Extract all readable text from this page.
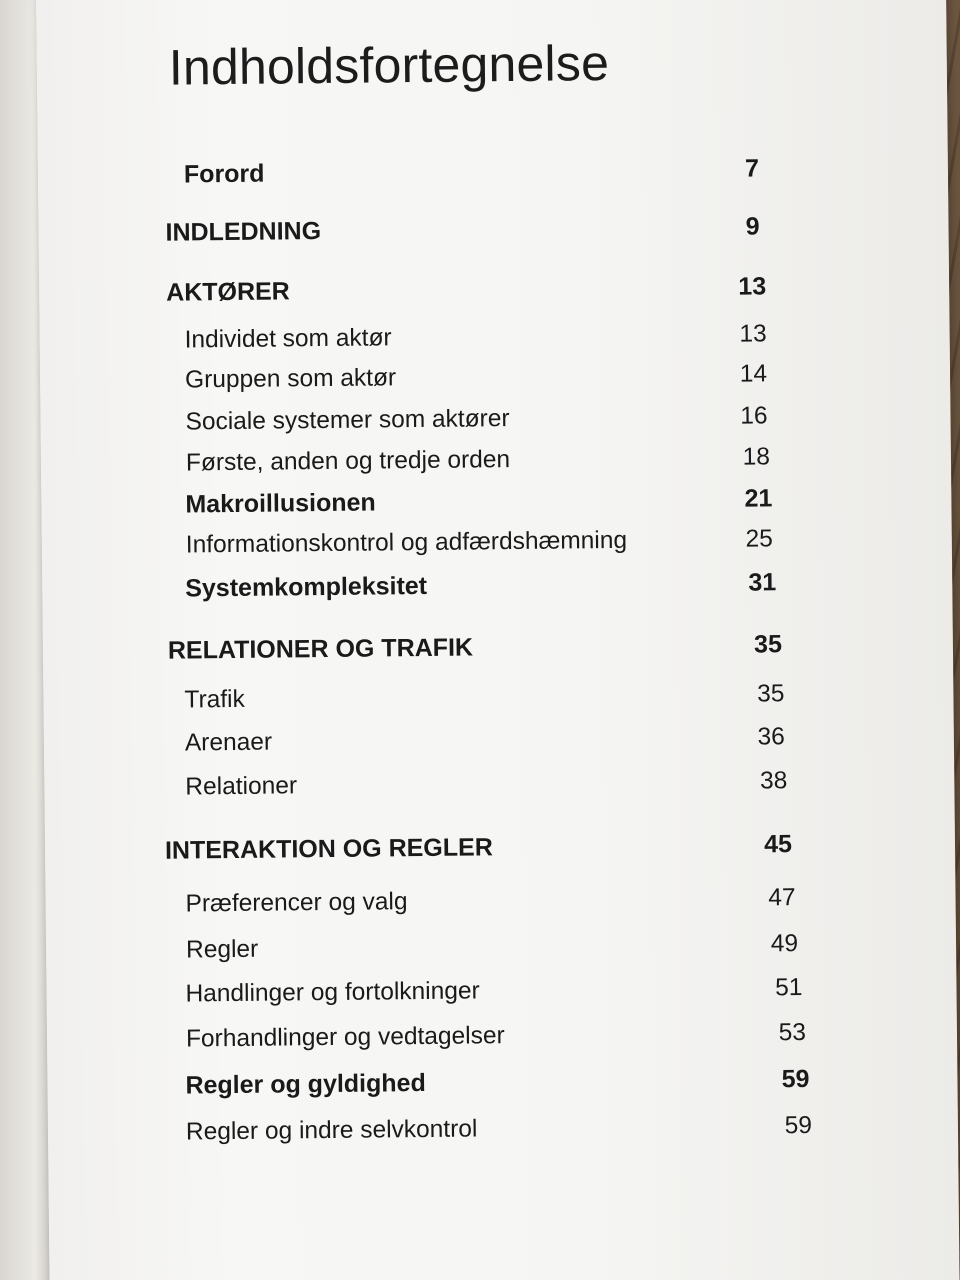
Indholdsfortegnelse
Forord	7
INDLEDNING	9
AKTØRER	13
Individet som aktør	13
Gruppen som aktør	14
Sociale systemer som aktører	16
Første, anden og tredje orden	18
Makroillusionen	21
Informationskontrol og adfærdshæmning	25
Systemkompleksitet	31
RELATIONER OG TRAFIK	35
Trafik	35
Arenaer	36
Relationer	38
INTERAKTION OG REGLER	45
Præferencer og valg	47
Regler	49
Handlinger og fortolkninger	51
Forhandlinger og vedtagelser	53
Regler og gyldighed	59
Regler og indre selvkontrol	59
